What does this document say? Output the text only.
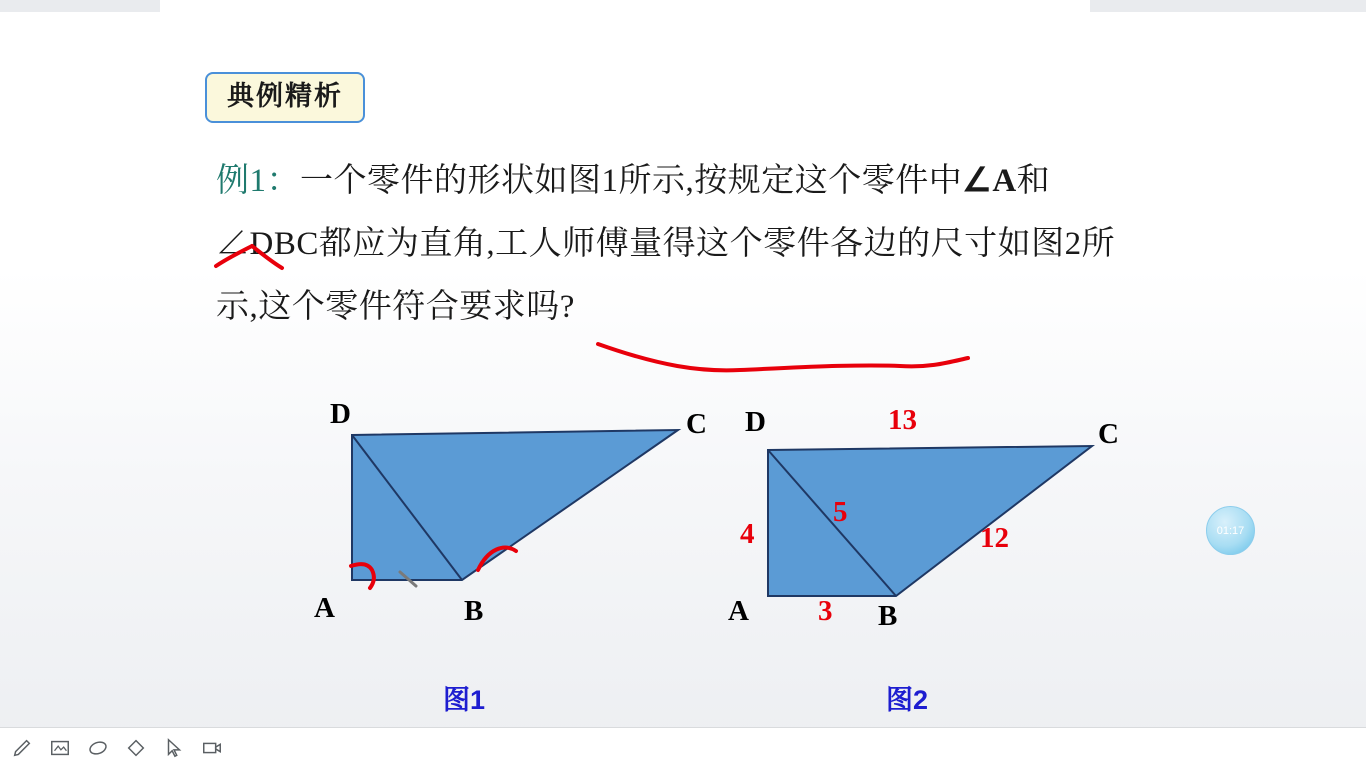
典例精析
例1：一个零件的形状如图1所示,按规定这个零件中∠A和∠DBC都应为直角,工人师傅量得这个零件各边的尺寸如图2所示,这个零件符合要求吗?
D	C
A	B
D	C
A	B
13
5
4	12
3
图1	图2
01:17
